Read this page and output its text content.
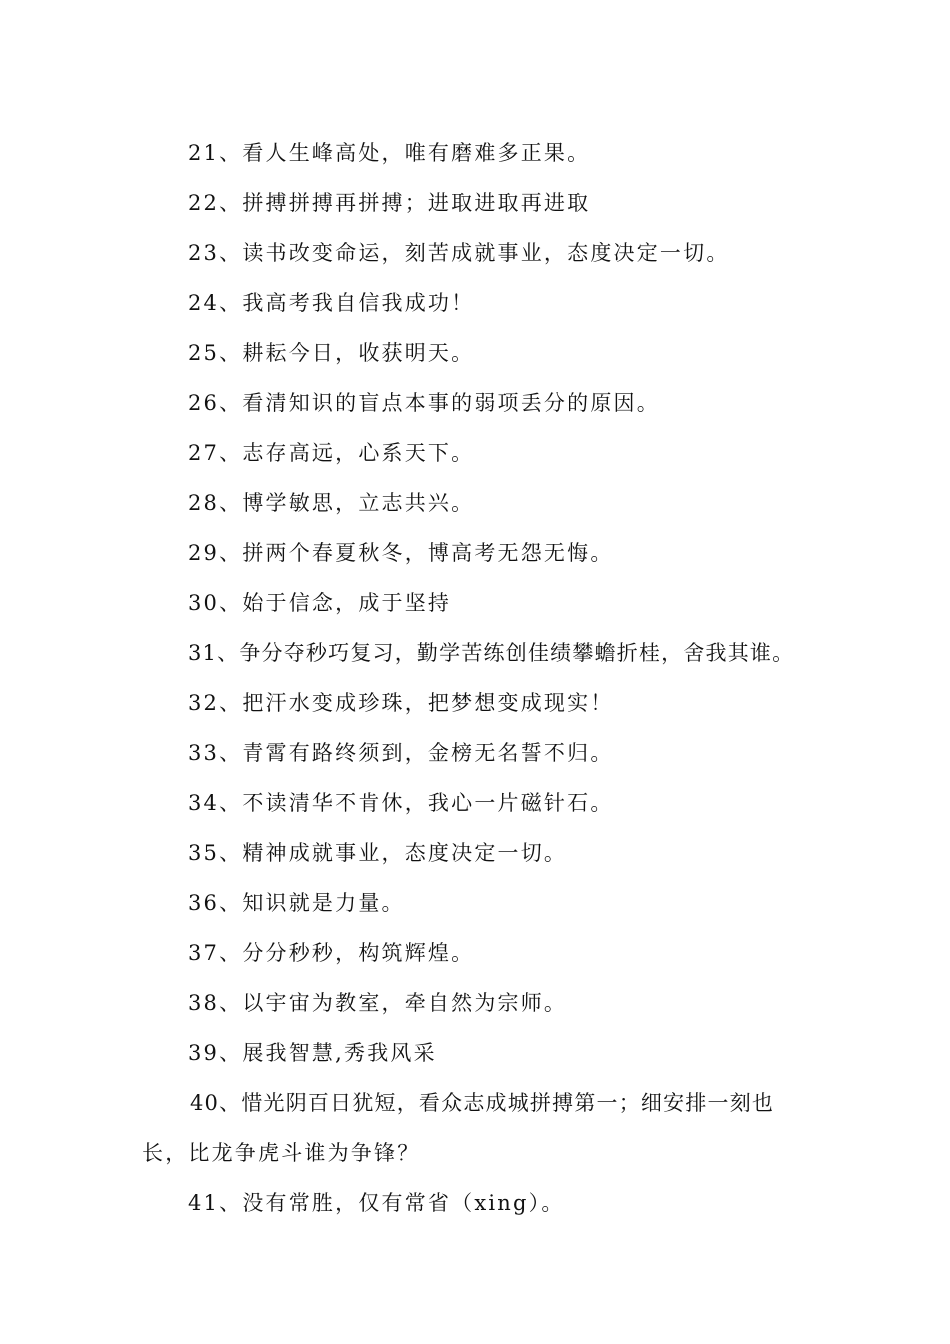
21、看人生峰高处，唯有磨难多正果。
22、拼搏拼搏再拼搏；进取进取再进取
23、读书改变命运，刻苦成就事业，态度决定一切。
24、我高考我自信我成功！
25、耕耘今日，收获明天。
26、看清知识的盲点本事的弱项丢分的原因。
27、志存高远，心系天下。
28、博学敏思，立志共兴。
29、拼两个春夏秋冬，博高考无怨无悔。
30、始于信念，成于坚持
31、争分夺秒巧复习，勤学苦练创佳绩攀蟾折桂，舍我其谁。
32、把汗水变成珍珠，把梦想变成现实！
33、青霄有路终须到，金榜无名誓不归。
34、不读清华不肯休，我心一片磁针石。
35、精神成就事业，态度决定一切。
36、知识就是力量。
37、分分秒秒，构筑辉煌。
38、以宇宙为教室，牵自然为宗师。
39、展我智慧,秀我风采
40、惜光阴百日犹短，看众志成城拼搏第一；细安排一刻也
长，比龙争虎斗谁为争锋？
41、没有常胜，仅有常省（xing）。
